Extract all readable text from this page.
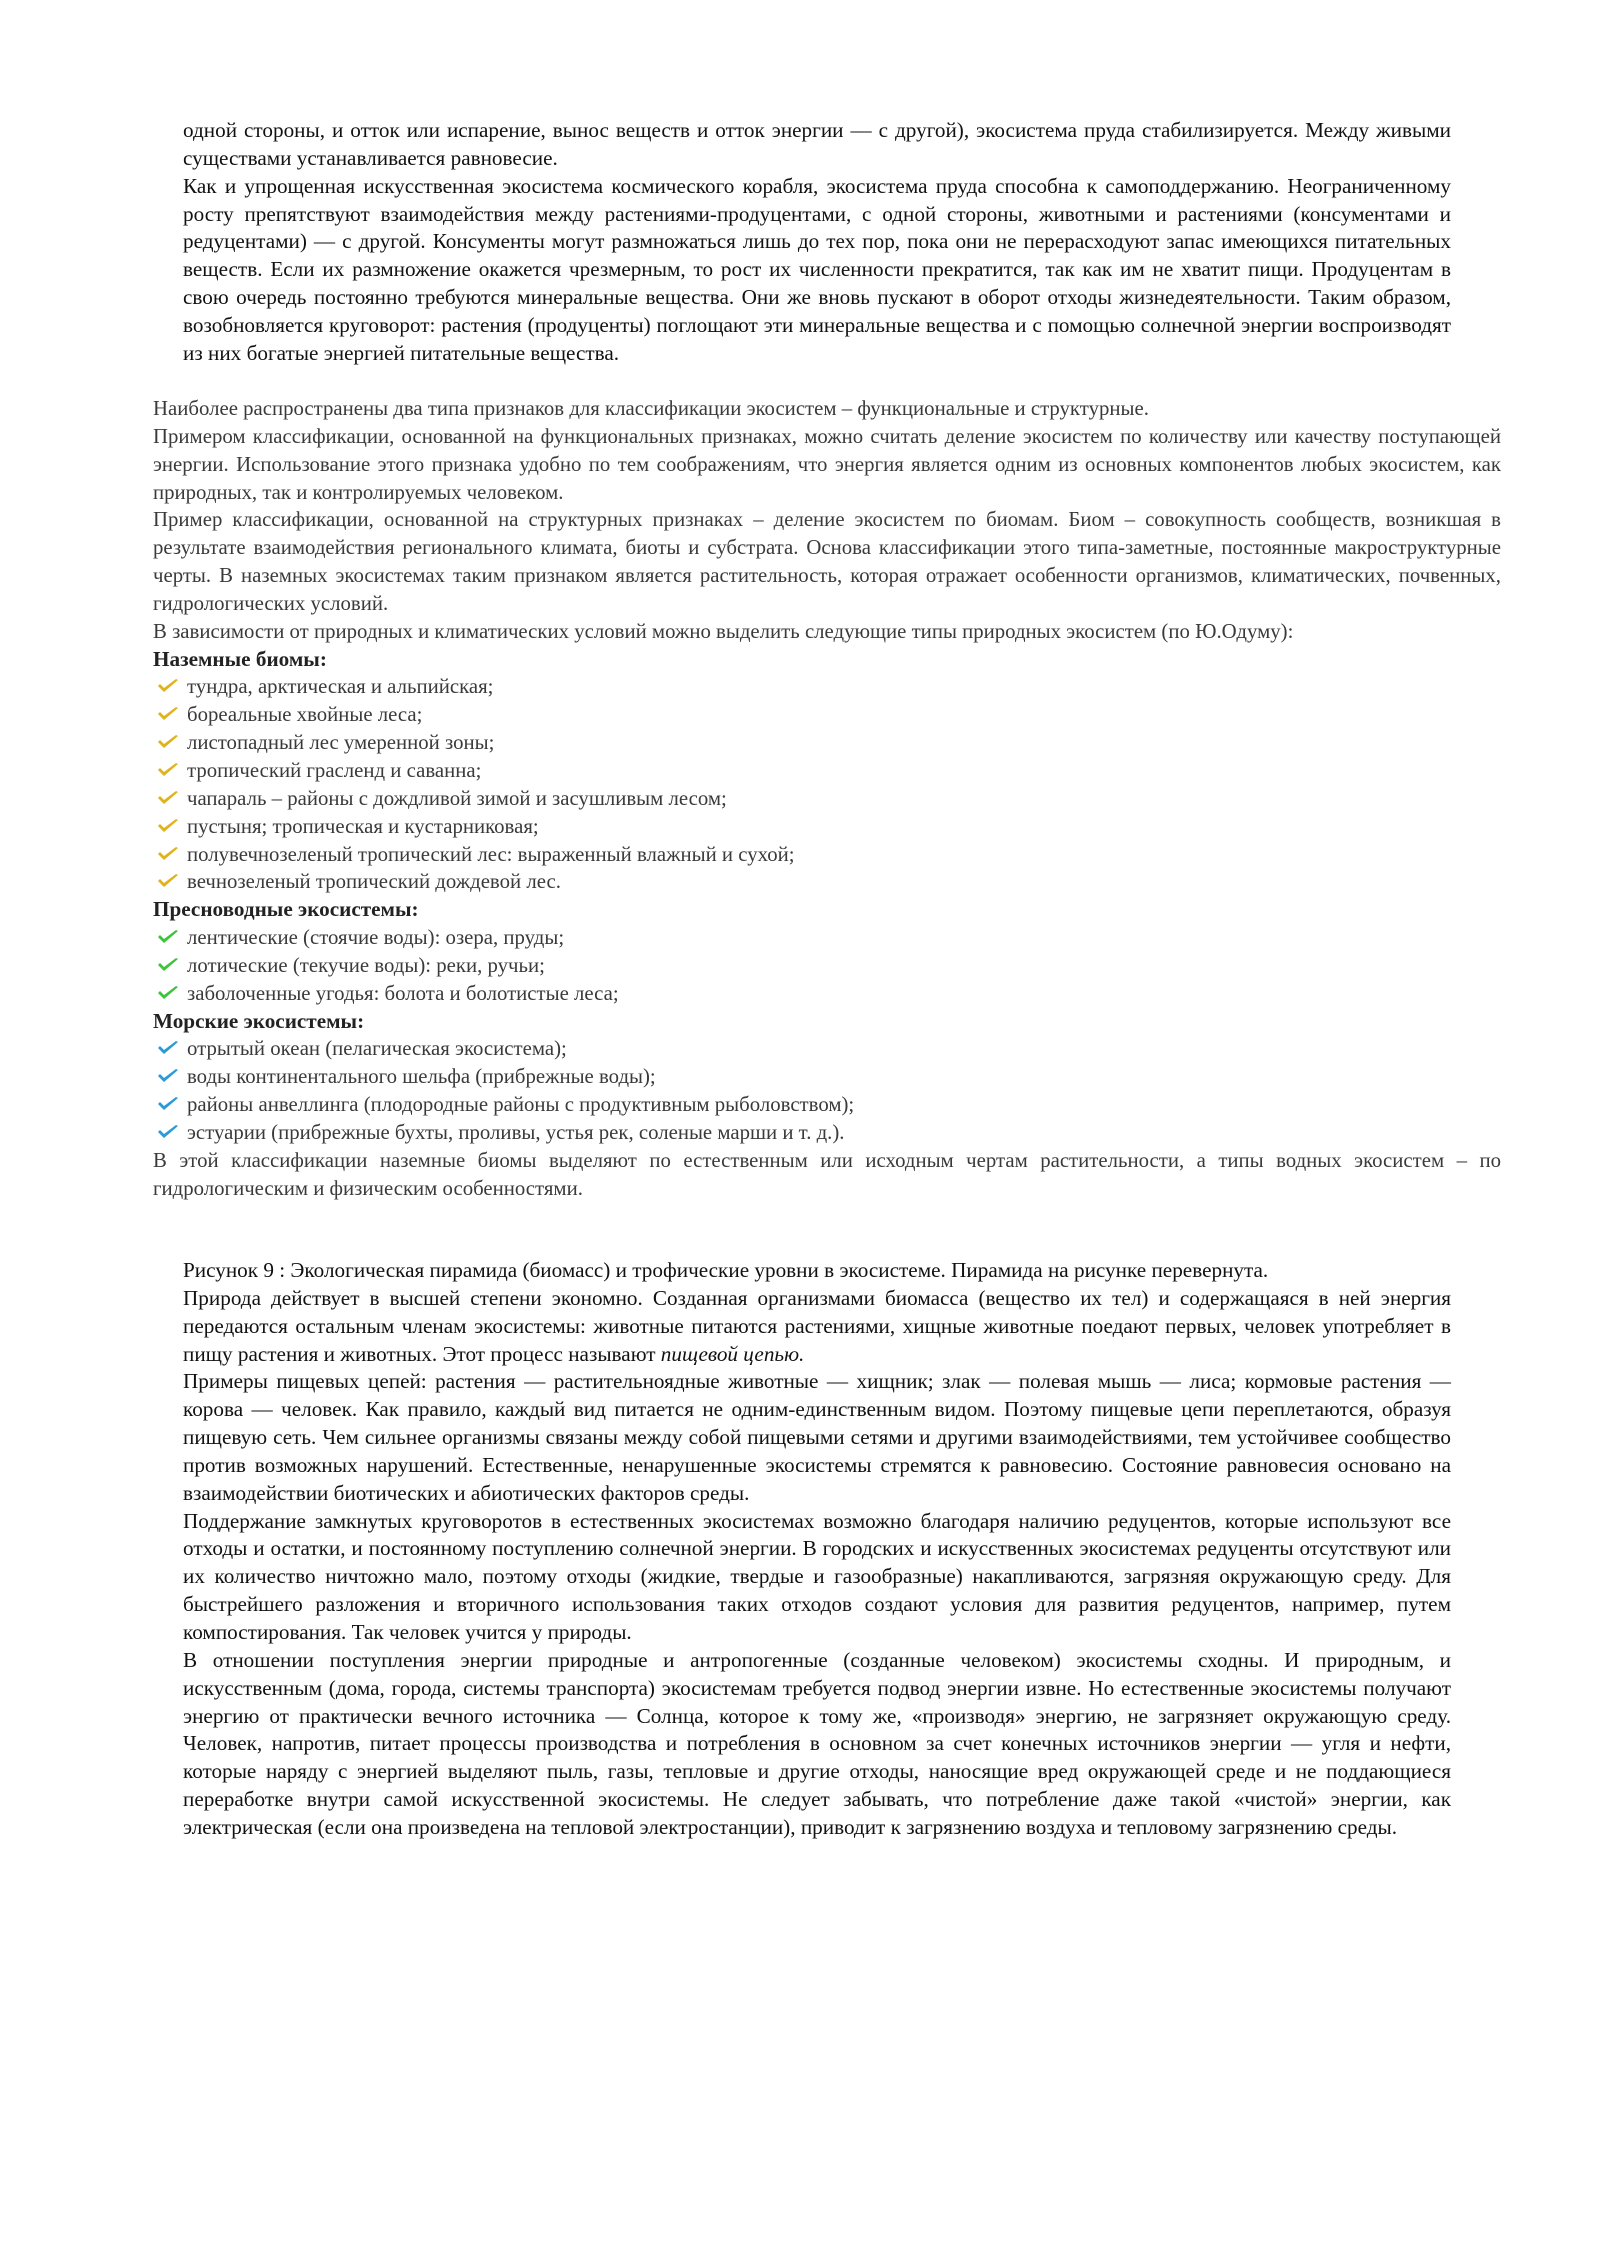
одной стороны, и отток или испарение, вынос веществ и отток энергии — с другой), экосистема пруда стабилизируется. Между живыми существами устанавливается равновесие.

Как и упрощенная искусственная экосистема космического корабля, экосистема пруда способна к самоподдержанию. Неограниченному росту препятствуют взаимодействия между растениями-продуцентами, с одной стороны, животными и растениями (консументами и редуцентами) — с другой. Консументы могут размножаться лишь до тех пор, пока они не перерасходуют запас имеющихся питательных веществ. Если их размножение окажется чрезмерным, то рост их численности прекратится, так как им не хватит пищи. Продуцентам в свою очередь постоянно требуются минеральные вещества. Они же вновь пускают в оборот отходы жизнедеятельности. Таким образом, возобновляется круговорот: растения (продуценты) поглощают эти минеральные вещества и с помощью солнечной энергии воспроизводят из них богатые энергией питательные вещества.

Наиболее распространены два типа признаков для классификации экосистем – функциональные и структурные.

Примером классификации, основанной на функциональных признаках, можно считать деление экосистем по количеству или качеству поступающей энергии. Использование этого признака удобно по тем соображениям, что энергия является одним из основных компонентов любых экосистем, как природных, так и контролируемых человеком.

Пример классификации, основанной на структурных признаках – деление экосистем по биомам. Биом – совокупность сообществ, возникшая в результате взаимодействия регионального климата, биоты и субстрата. Основа классификации этого типа-заметные, постоянные макроструктурные черты. В наземных экосистемах таким признаком является растительность, которая отражает особенности организмов, климатических, почвенных, гидрологических условий.

В зависимости от природных и климатических условий можно выделить следующие типы природных экосистем (по Ю.Одуму):

Наземные биомы:
тундра, арктическая и альпийская;
бореальные хвойные леса;
листопадный лес умеренной зоны;
тропический грасленд и саванна;
чапараль – районы с дождливой зимой и засушливым лесом;
пустыня; тропическая и кустарниковая;
полувечнозеленый тропический лес: выраженный влажный и сухой;
вечнозеленый тропический дождевой лес.
Пресноводные экосистемы:
лентические (стоячие воды): озера, пруды;
лотические (текучие воды): реки, ручьи;
заболоченные угодья: болота и болотистые леса;
Морские экосистемы:
отрытый океан (пелагическая экосистема);
воды континентального шельфа (прибрежные воды);
районы анвеллинга (плодородные районы с продуктивным рыболовством);
эстуарии (прибрежные бухты, проливы, устья рек, соленые марши и т. д.).

В этой классификации наземные биомы выделяют по естественным или исходным чертам растительности, а типы водных экосистем – по гидрологическим и физическим особенностями.

Рисунок 9 : Экологическая пирамида (биомасс) и трофические уровни в экосистеме. Пирамида на рисунке перевернута.

Природа действует в высшей степени экономно. Созданная организмами биомасса (вещество их тел) и содержащаяся в ней энергия передаются остальным членам экосистемы: животные питаются растениями, хищные животные поедают первых, человек употребляет в пищу растения и животных. Этот процесс называют пищевой цепью.

Примеры пищевых цепей: растения — растительноядные животные — хищник; злак — полевая мышь — лиса; кормовые растения — корова — человек. Как правило, каждый вид питается не одним-единственным видом. Поэтому пищевые цепи переплетаются, образуя пищевую сеть. Чем сильнее организмы связаны между собой пищевыми сетями и другими взаимодействиями, тем устойчивее сообщество против возможных нарушений. Естественные, ненарушенные экосистемы стремятся к равновесию. Состояние равновесия основано на взаимодействии биотических и абиотических факторов среды.

Поддержание замкнутых круговоротов в естественных экосистемах возможно благодаря наличию редуцентов, которые используют все отходы и остатки, и постоянному поступлению солнечной энергии. В городских и искусственных экосистемах редуценты отсутствуют или их количество ничтожно мало, поэтому отходы (жидкие, твердые и газообразные) накапливаются, загрязняя окружающую среду. Для быстрейшего разложения и вторичного использования таких отходов создают условия для развития редуцентов, например, путем компостирования. Так человек учится у природы.

В отношении поступления энергии природные и антропогенные (созданные человеком) экосистемы сходны. И природным, и искусственным (дома, города, системы транспорта) экосистемам требуется подвод энергии извне. Но естественные экосистемы получают энергию от практически вечного источника — Солнца, которое к тому же, «производя» энергию, не загрязняет окружающую среду. Человек, напротив, питает процессы производства и потребления в основном за счет конечных источников энергии — угля и нефти, которые наряду с энергией выделяют пыль, газы, тепловые и другие отходы, наносящие вред окружающей среде и не поддающиеся переработке внутри самой искусственной экосистемы. Не следует забывать, что потребление даже такой «чистой» энергии, как электрическая (если она произведена на тепловой электростанции), приводит к загрязнению воздуха и тепловому загрязнению среды.
